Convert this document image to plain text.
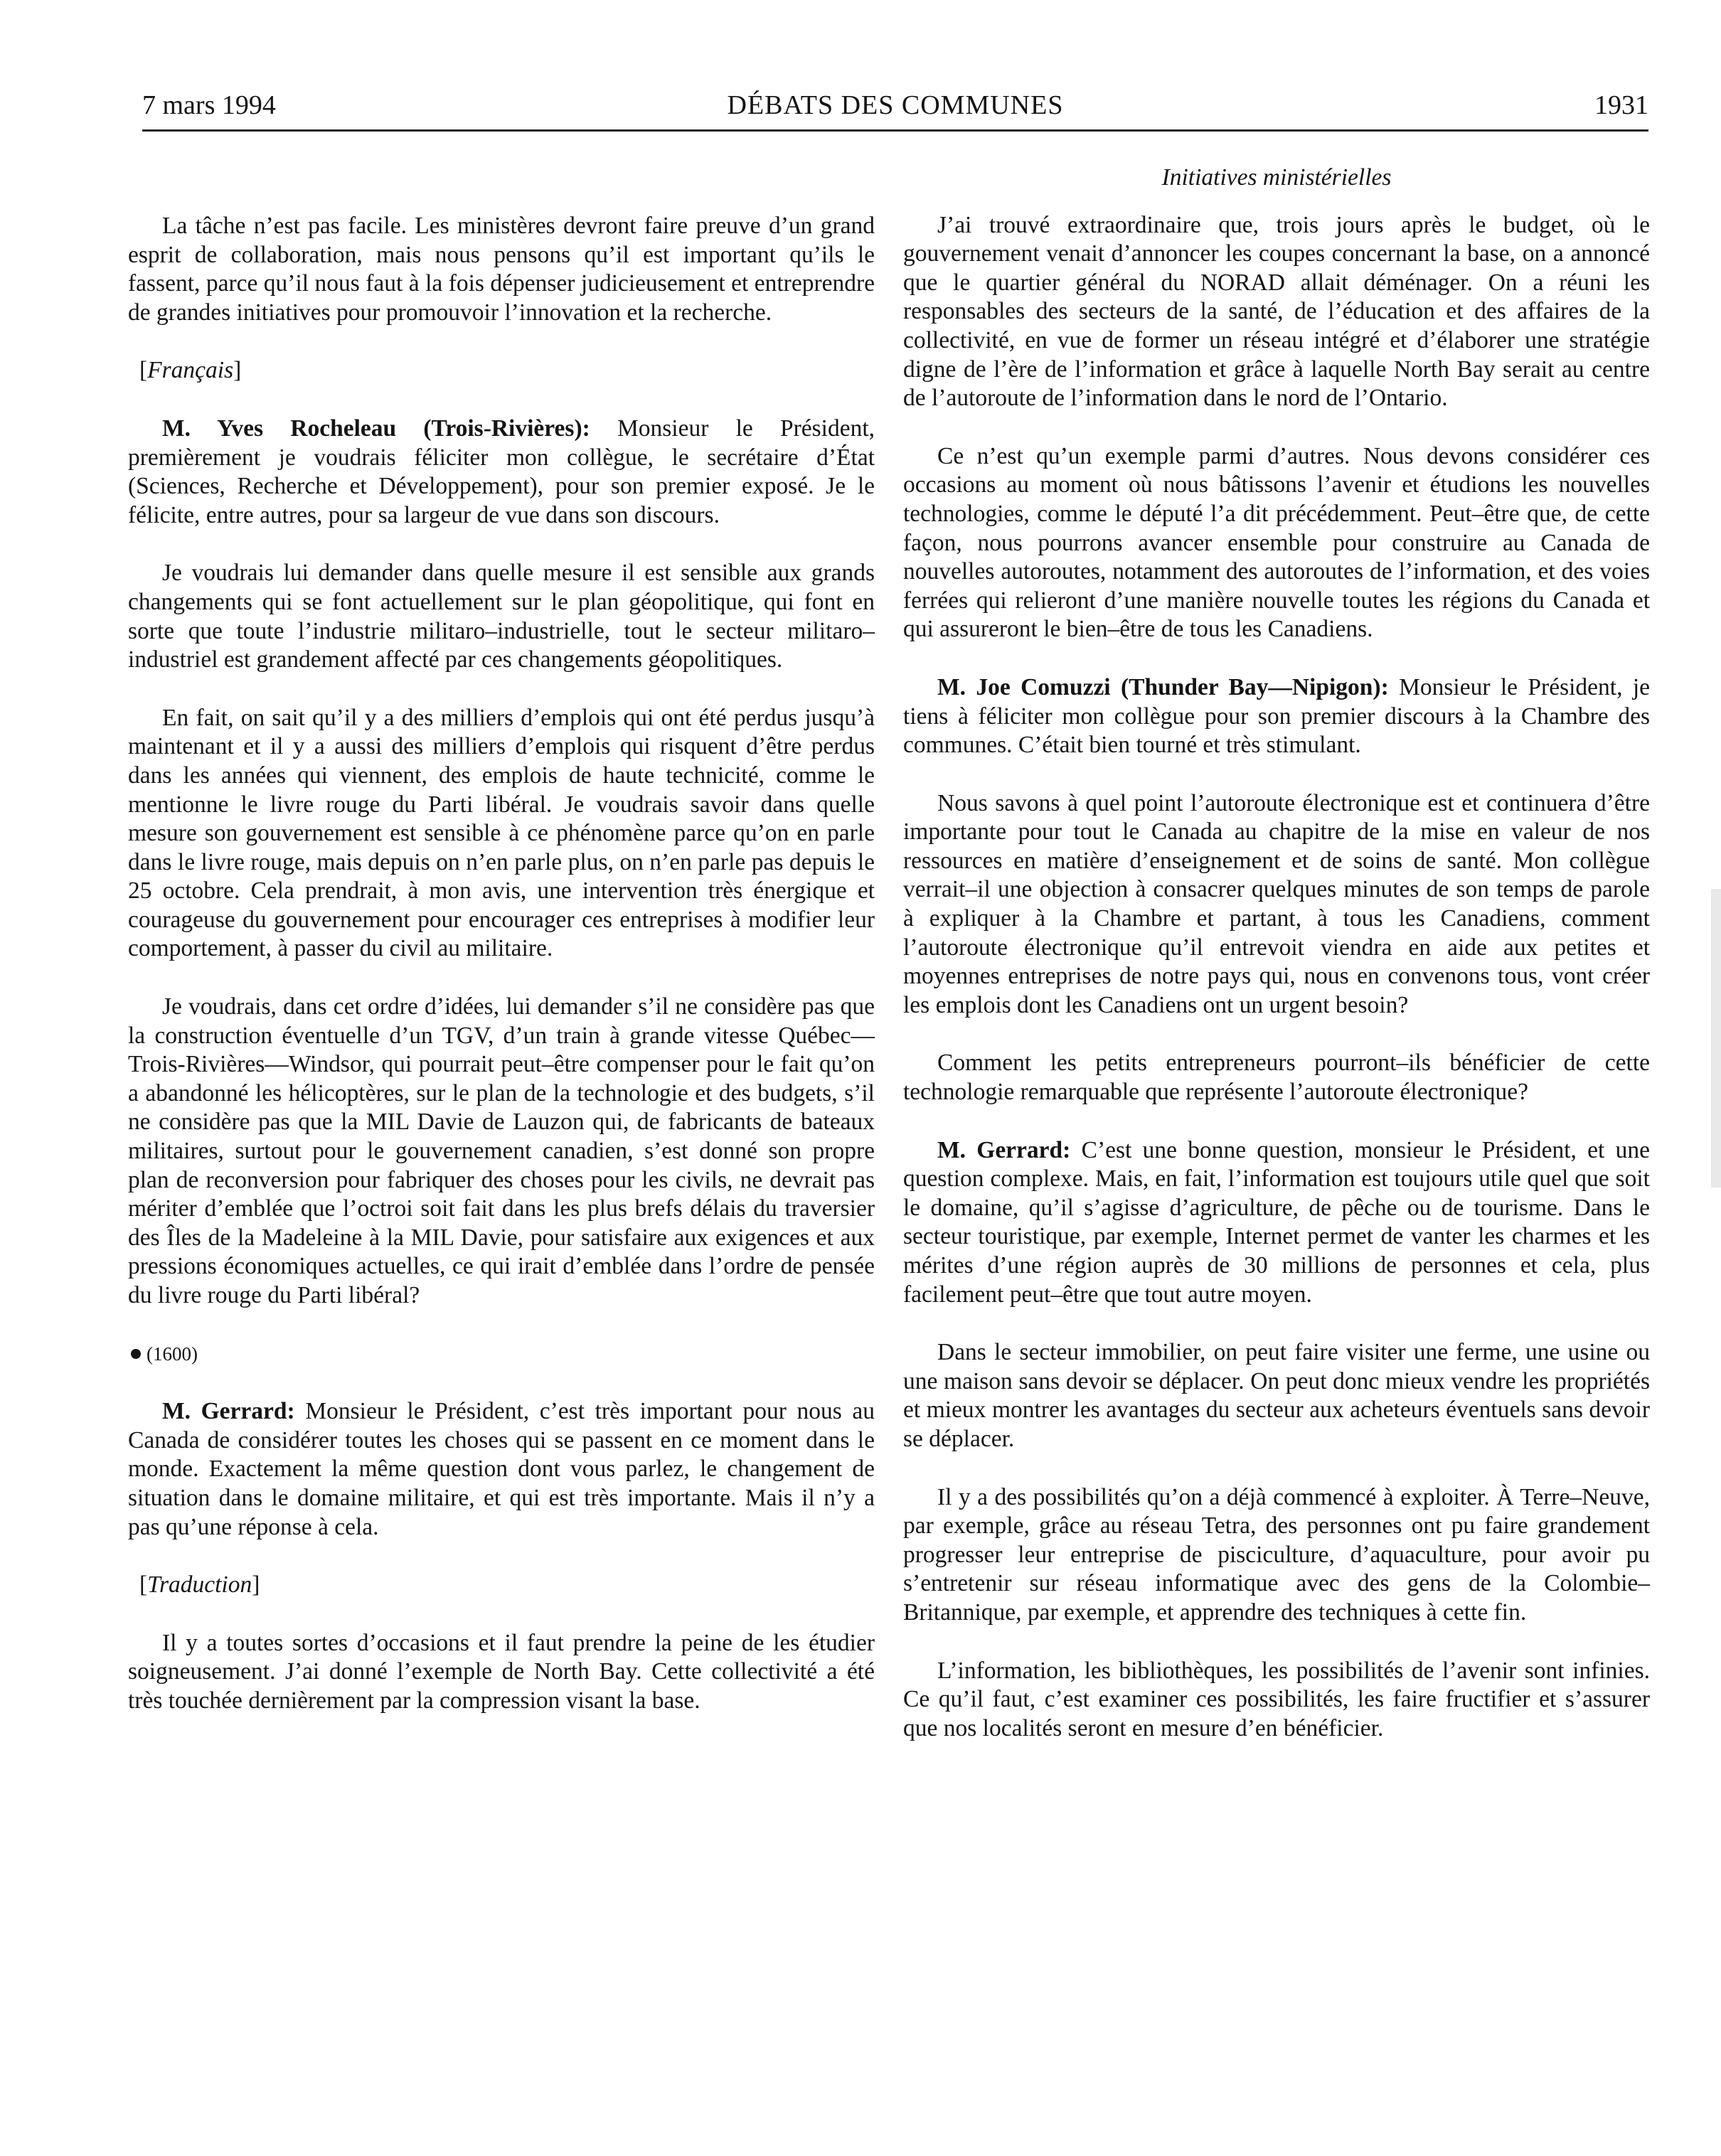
7 mars 1994	DÉBATS DES COMMUNES	1931

La tâche n’est pas facile. Les ministères devront faire preuve d’un grand esprit de collaboration, mais nous pensons qu’il est important qu’ils le fassent, parce qu’il nous faut à la fois dépenser judicieusement et entreprendre de grandes initiatives pour promouvoir l’innovation et la recherche.

[Français]

M. Yves Rocheleau (Trois-Rivières): Monsieur le Président, premièrement je voudrais féliciter mon collègue, le secrétaire d’État (Sciences, Recherche et Développement), pour son premier exposé. Je le félicite, entre autres, pour sa largeur de vue dans son discours.

Je voudrais lui demander dans quelle mesure il est sensible aux grands changements qui se font actuellement sur le plan géopolitique, qui font en sorte que toute l’industrie militaro–industrielle, tout le secteur militaro–industriel est grandement affecté par ces changements géopolitiques.

En fait, on sait qu’il y a des milliers d’emplois qui ont été perdus jusqu’à maintenant et il y a aussi des milliers d’emplois qui risquent d’être perdus dans les années qui viennent, des emplois de haute technicité, comme le mentionne le livre rouge du Parti libéral. Je voudrais savoir dans quelle mesure son gouvernement est sensible à ce phénomène parce qu’on en parle dans le livre rouge, mais depuis on n’en parle plus, on n’en parle pas depuis le 25 octobre. Cela prendrait, à mon avis, une intervention très énergique et courageuse du gouvernement pour encourager ces entreprises à modifier leur comportement, à passer du civil au militaire.

Je voudrais, dans cet ordre d’idées, lui demander s’il ne considère pas que la construction éventuelle d’un TGV, d’un train à grande vitesse Québec—Trois-Rivières—Windsor, qui pourrait peut–être compenser pour le fait qu’on a abandonné les hélicoptères, sur le plan de la technologie et des budgets, s’il ne considère pas que la MIL Davie de Lauzon qui, de fabricants de bateaux militaires, surtout pour le gouvernement canadien, s’est donné son propre plan de reconversion pour fabriquer des choses pour les civils, ne devrait pas mériter d’emblée que l’octroi soit fait dans les plus brefs délais du traversier des Îles de la Madeleine à la MIL Davie, pour satisfaire aux exigences et aux pressions économiques actuelles, ce qui irait d’emblée dans l’ordre de pensée du livre rouge du Parti libéral?

(1600)

M. Gerrard: Monsieur le Président, c’est très important pour nous au Canada de considérer toutes les choses qui se passent en ce moment dans le monde. Exactement la même question dont vous parlez, le changement de situation dans le domaine militaire, et qui est très importante. Mais il n’y a pas qu’une réponse à cela.

[Traduction]

Il y a toutes sortes d’occasions et il faut prendre la peine de les étudier soigneusement. J’ai donné l’exemple de North Bay. Cette collectivité a été très touchée dernièrement par la compression visant la base.

Initiatives ministérielles

J’ai trouvé extraordinaire que, trois jours après le budget, où le gouvernement venait d’annoncer les coupes concernant la base, on a annoncé que le quartier général du NORAD allait déménager. On a réuni les responsables des secteurs de la santé, de l’éducation et des affaires de la collectivité, en vue de former un réseau intégré et d’élaborer une stratégie digne de l’ère de l’information et grâce à laquelle North Bay serait au centre de l’autoroute de l’information dans le nord de l’Ontario.

Ce n’est qu’un exemple parmi d’autres. Nous devons considérer ces occasions au moment où nous bâtissons l’avenir et étudions les nouvelles technologies, comme le député l’a dit précédemment. Peut–être que, de cette façon, nous pourrons avancer ensemble pour construire au Canada de nouvelles autoroutes, notamment des autoroutes de l’information, et des voies ferrées qui relieront d’une manière nouvelle toutes les régions du Canada et qui assureront le bien–être de tous les Canadiens.

M. Joe Comuzzi (Thunder Bay—Nipigon): Monsieur le Président, je tiens à féliciter mon collègue pour son premier discours à la Chambre des communes. C’était bien tourné et très stimulant.

Nous savons à quel point l’autoroute électronique est et continuera d’être importante pour tout le Canada au chapitre de la mise en valeur de nos ressources en matière d’enseignement et de soins de santé. Mon collègue verrait–il une objection à consacrer quelques minutes de son temps de parole à expliquer à la Chambre et partant, à tous les Canadiens, comment l’autoroute électronique qu’il entrevoit viendra en aide aux petites et moyennes entreprises de notre pays qui, nous en convenons tous, vont créer les emplois dont les Canadiens ont un urgent besoin?

Comment les petits entrepreneurs pourront–ils bénéficier de cette technologie remarquable que représente l’autoroute électronique?

M. Gerrard: C’est une bonne question, monsieur le Président, et une question complexe. Mais, en fait, l’information est toujours utile quel que soit le domaine, qu’il s’agisse d’agriculture, de pêche ou de tourisme. Dans le secteur touristique, par exemple, Internet permet de vanter les charmes et les mérites d’une région auprès de 30 millions de personnes et cela, plus facilement peut–être que tout autre moyen.

Dans le secteur immobilier, on peut faire visiter une ferme, une usine ou une maison sans devoir se déplacer. On peut donc mieux vendre les propriétés et mieux montrer les avantages du secteur aux acheteurs éventuels sans devoir se déplacer.

Il y a des possibilités qu’on a déjà commencé à exploiter. À Terre–Neuve, par exemple, grâce au réseau Tetra, des personnes ont pu faire grandement progresser leur entreprise de pisciculture, d’aquaculture, pour avoir pu s’entretenir sur réseau informatique avec des gens de la Colombie–Britannique, par exemple, et apprendre des techniques à cette fin.

L’information, les bibliothèques, les possibilités de l’avenir sont infinies. Ce qu’il faut, c’est examiner ces possibilités, les faire fructifier et s’assurer que nos localités seront en mesure d’en bénéficier.
